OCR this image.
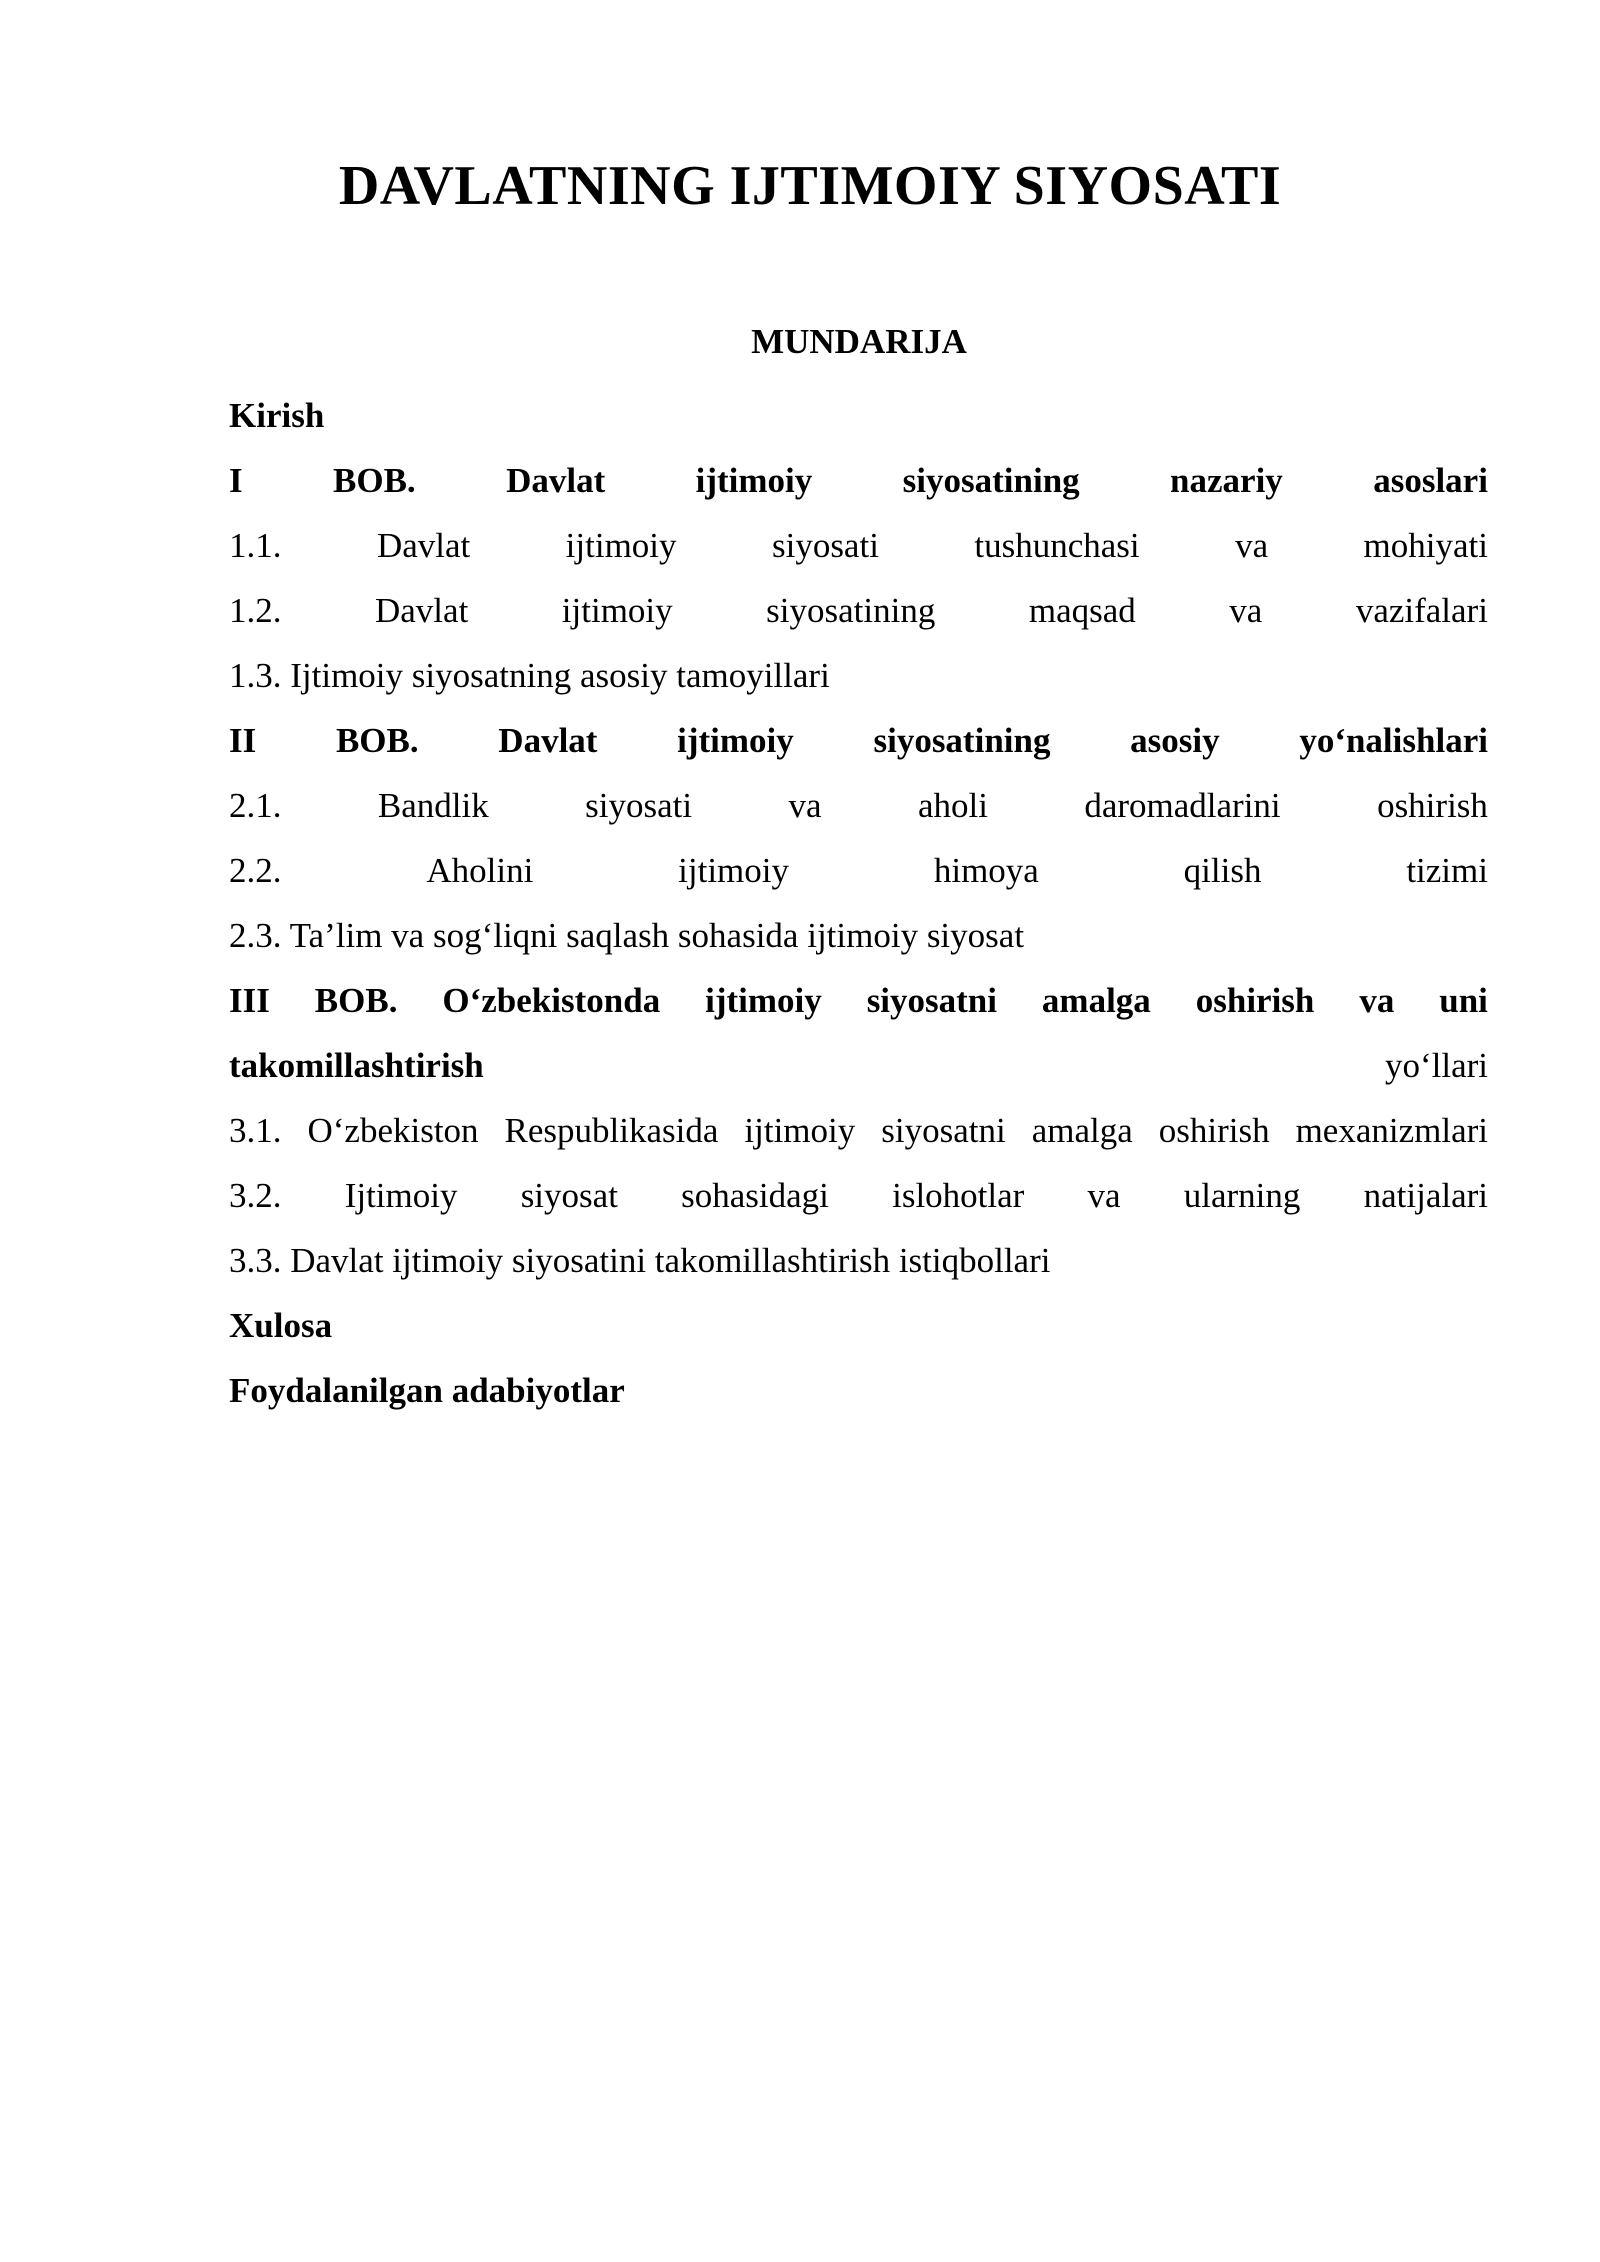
DAVLATNING IJTIMOIY SIYOSATI
MUNDARIJA
Kirish
I	BOB.	Davlat	ijtimoiy	siyosatining	nazariy	asoslari
1.1.	Davlat	ijtimoiy	siyosati	tushunchasi	va	mohiyati
1.2.	Davlat	ijtimoiy	siyosatining	maqsad	va	vazifalari
1.3. Ijtimoiy siyosatning asosiy tamoyillari
II BOB. Davlat ijtimoiy siyosatining asosiy yo‘nalishlari
2.1.	Bandlik	siyosati	va	aholi	daromadlarini	oshirish
2.2.	Aholini	ijtimoiy	himoya	qilish	tizimi
2.3. Ta’lim va sog‘liqni saqlash sohasida ijtimoiy siyosat
III BOB. O‘zbekistonda ijtimoiy siyosatni amalga oshirish va uni
takomillashtirish	yo‘llari
3.1. O‘zbekiston Respublikasida ijtimoiy siyosatni amalga oshirish mexanizmlari
3.2. Ijtimoiy siyosat sohasidagi islohotlar va ularning natijalari
3.3. Davlat ijtimoiy siyosatini takomillashtirish istiqbollari
Xulosa
Foydalanilgan adabiyotlar
